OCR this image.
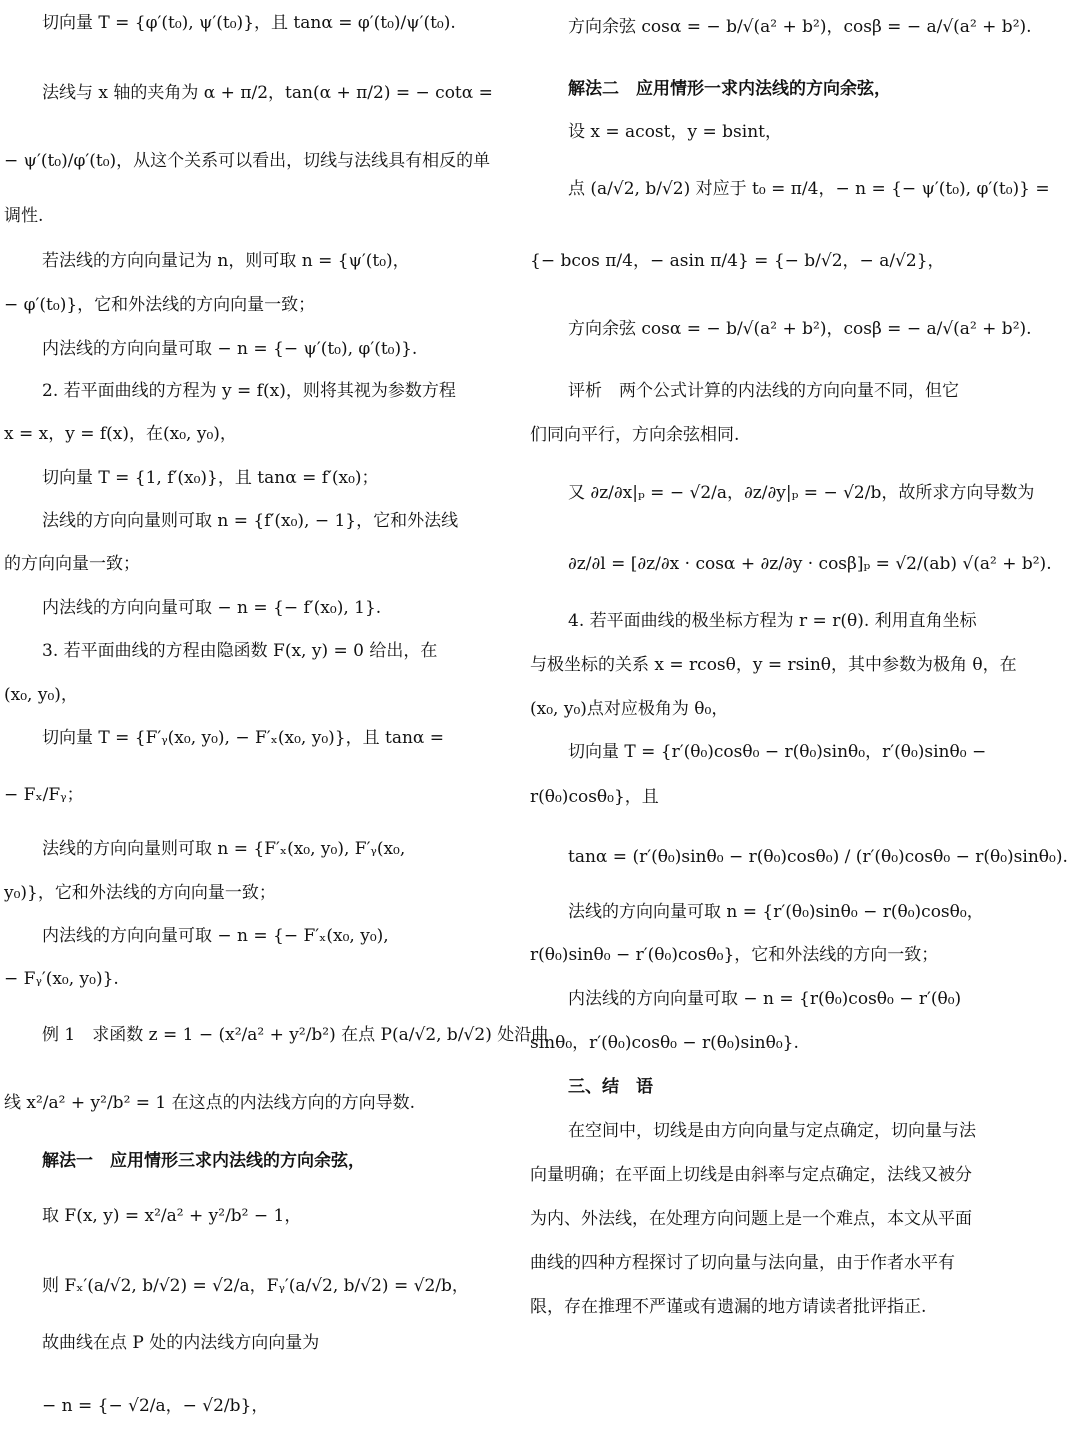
切向量 T = {φ′(t₀), ψ′(t₀)}，且 tanα = φ′(t₀)/ψ′(t₀).
法线与 x 轴的夹角为 α + π/2，tan(α + π/2) = − cotα =
− ψ′(t₀)/φ′(t₀)，从这个关系可以看出，切线与法线具有相反的单
调性.
若法线的方向向量记为 n，则可取 n = {ψ′(t₀)，
− φ′(t₀)}，它和外法线的方向向量一致；
内法线的方向向量可取 − n = {− ψ′(t₀), φ′(t₀)}.
2. 若平面曲线的方程为 y = f(x)，则将其视为参数方程
x = x，y = f(x)，在(x₀, y₀)，
切向量 T = {1, f′(x₀)}，且 tanα = f′(x₀)；
法线的方向向量则可取 n = {f′(x₀), − 1}，它和外法线
的方向向量一致；
内法线的方向向量可取 − n = {− f′(x₀), 1}.
3. 若平面曲线的方程由隐函数 F(x, y) = 0 给出，在
(x₀, y₀)，
切向量 T = {F′ᵧ(x₀, y₀), − F′ₓ(x₀, y₀)}，且 tanα =
− Fₓ/Fᵧ；
法线的方向向量则可取 n = {F′ₓ(x₀, y₀), F′ᵧ(x₀,
y₀)}，它和外法线的方向向量一致；
内法线的方向向量可取 − n = {− F′ₓ(x₀, y₀),
− Fᵧ′(x₀, y₀)}.
例 1　求函数 z = 1 − (x²/a² + y²/b²) 在点 P(a/√2, b/√2) 处沿曲
线 x²/a² + y²/b² = 1 在这点的内法线方向的方向导数.
解法一　应用情形三求内法线的方向余弦，
取 F(x, y) = x²/a² + y²/b² − 1，
则 Fₓ′(a/√2, b/√2) = √2/a，Fᵧ′(a/√2, b/√2) = √2/b，
故曲线在点 P 处的内法线方向向量为
− n = {− √2/a，− √2/b}，
方向余弦 cosα = − b/√(a² + b²)，cosβ = − a/√(a² + b²).
解法二　应用情形一求内法线的方向余弦，
设 x = acost，y = bsint，
点 (a/√2, b/√2) 对应于 t₀ = π/4，− n = {− ψ′(t₀), φ′(t₀)} =
{− bcos π/4，− asin π/4} = {− b/√2，− a/√2}，
方向余弦 cosα = − b/√(a² + b²)，cosβ = − a/√(a² + b²).
评析　两个公式计算的内法线的方向向量不同，但它
们同向平行，方向余弦相同.
又 ∂z/∂x|ₚ = − √2/a，∂z/∂y|ₚ = − √2/b，故所求方向导数为
∂z/∂l = [∂z/∂x · cosα + ∂z/∂y · cosβ]ₚ = √2/(ab) √(a² + b²).
4. 若平面曲线的极坐标方程为 r = r(θ). 利用直角坐标
与极坐标的关系 x = rcosθ，y = rsinθ，其中参数为极角 θ，在
(x₀, y₀)点对应极角为 θ₀，
切向量 T = {r′(θ₀)cosθ₀ − r(θ₀)sinθ₀，r′(θ₀)sinθ₀ −
r(θ₀)cosθ₀}，且
tanα = (r′(θ₀)sinθ₀ − r(θ₀)cosθ₀) / (r′(θ₀)cosθ₀ − r(θ₀)sinθ₀).
法线的方向向量可取 n = {r′(θ₀)sinθ₀ − r(θ₀)cosθ₀，
r(θ₀)sinθ₀ − r′(θ₀)cosθ₀}，它和外法线的方向一致；
内法线的方向向量可取 − n = {r(θ₀)cosθ₀ − r′(θ₀)
sinθ₀，r′(θ₀)cosθ₀ − r(θ₀)sinθ₀}.
三、结　语
在空间中，切线是由方向向量与定点确定，切向量与法
向量明确；在平面上切线是由斜率与定点确定，法线又被分
为内、外法线，在处理方向问题上是一个难点，本文从平面
曲线的四种方程探讨了切向量与法向量，由于作者水平有
限，存在推理不严谨或有遗漏的地方请读者批评指正.
